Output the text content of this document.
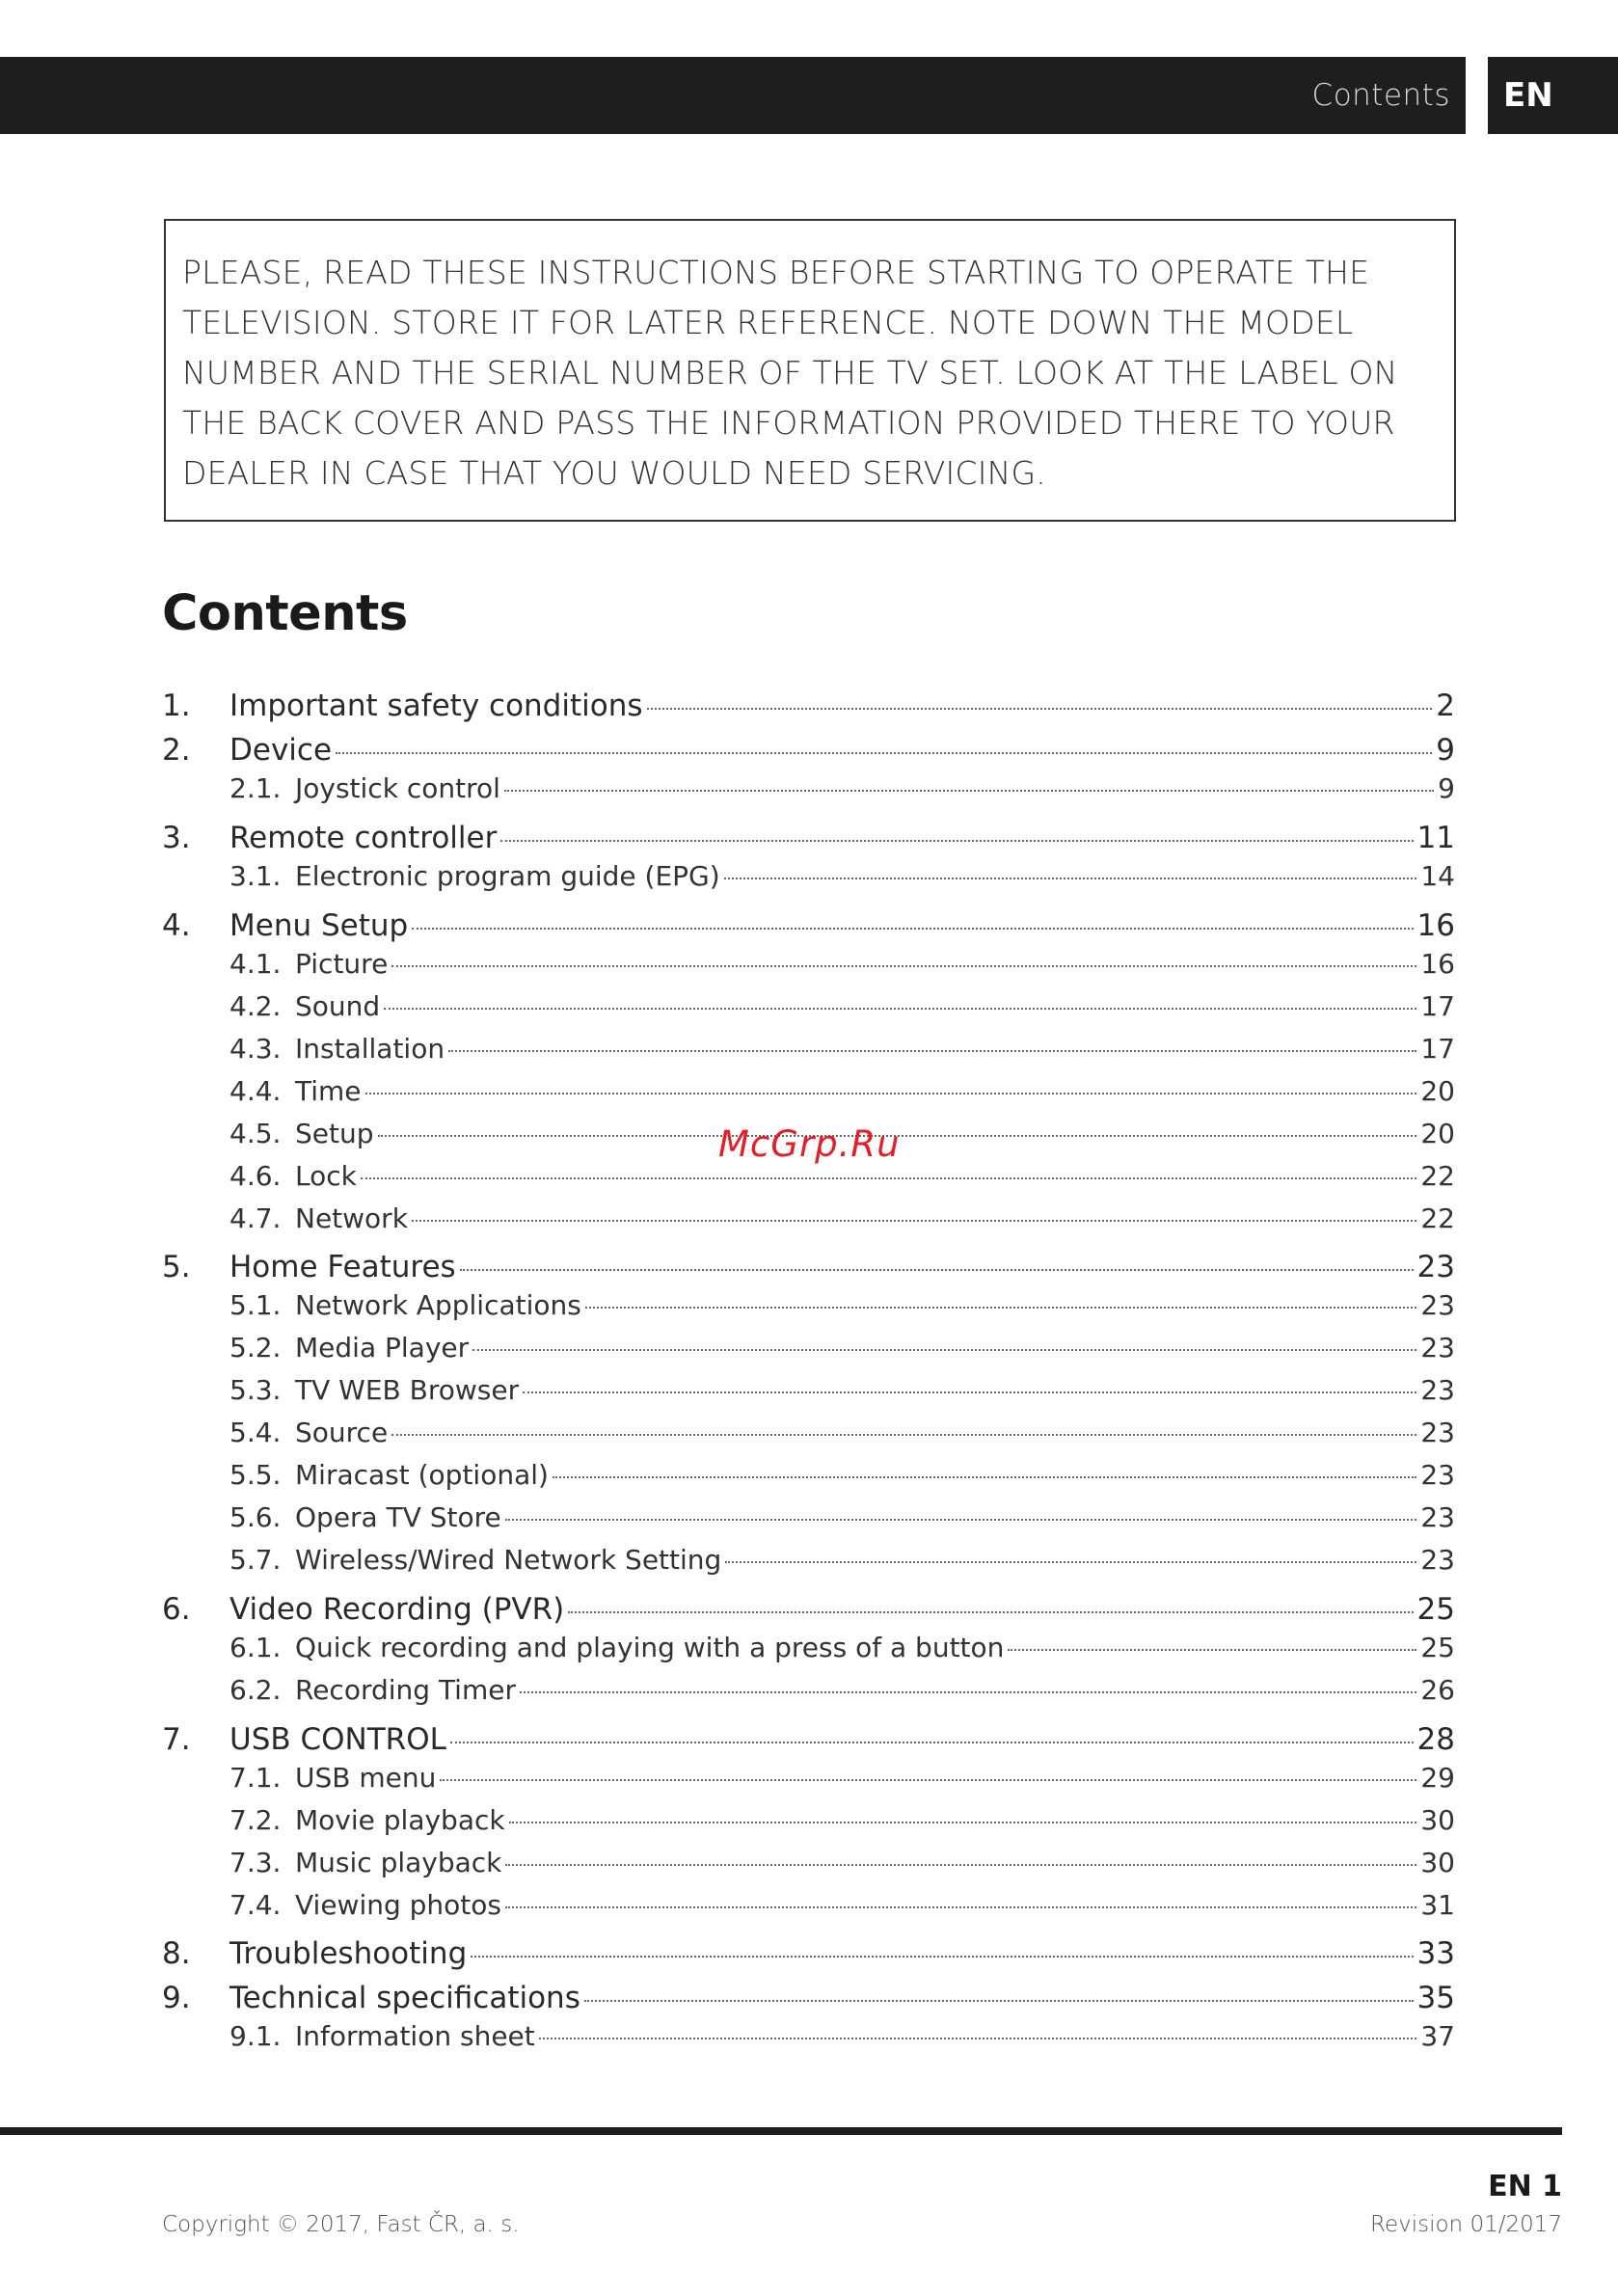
Contents	EN
PLEASE, READ THESE INSTRUCTIONS BEFORE STARTING TO OPERATE THE
TELEVISION. STORE IT FOR LATER REFERENCE. NOTE DOWN THE MODEL
NUMBER AND THE SERIAL NUMBER OF THE TV SET. LOOK AT THE LABEL ON
THE BACK COVER AND PASS THE INFORMATION PROVIDED THERE TO YOUR
DEALER IN CASE THAT YOU WOULD NEED SERVICING.
Contents
1.	Important safety conditions	2
2.	Device	9
2.1. Joystick control	9
3.	Remote controller	11
3.1. Electronic program guide (EPG)	14
4.	Menu Setup	16
4.1. Picture	16
4.2. Sound	17
4.3. Installation	17
4.4. Time	20
4.5. Setup	20
4.6. Lock	22
4.7. Network	22
5.	Home Features	23
5.1. Network Applications	23
5.2. Media Player	23
5.3. TV WEB Browser	23
5.4. Source	23
5.5. Miracast (optional)	23
5.6. Opera TV Store	23
5.7. Wireless/Wired Network Setting	23
6.	Video Recording (PVR)	25
6.1. Quick recording and playing with a press of a button	25
6.2. Recording Timer	26
7.	USB CONTROL	28
7.1. USB menu	29
7.2. Movie playback	30
7.3. Music playback	30
7.4. Viewing photos	31
8.	Troubleshooting	33
9.	Technical specifications	35
9.1. Information sheet	37
McGrp.Ru
Copyright © 2017, Fast ČR, a. s.
EN 1
Revision 01/2017
